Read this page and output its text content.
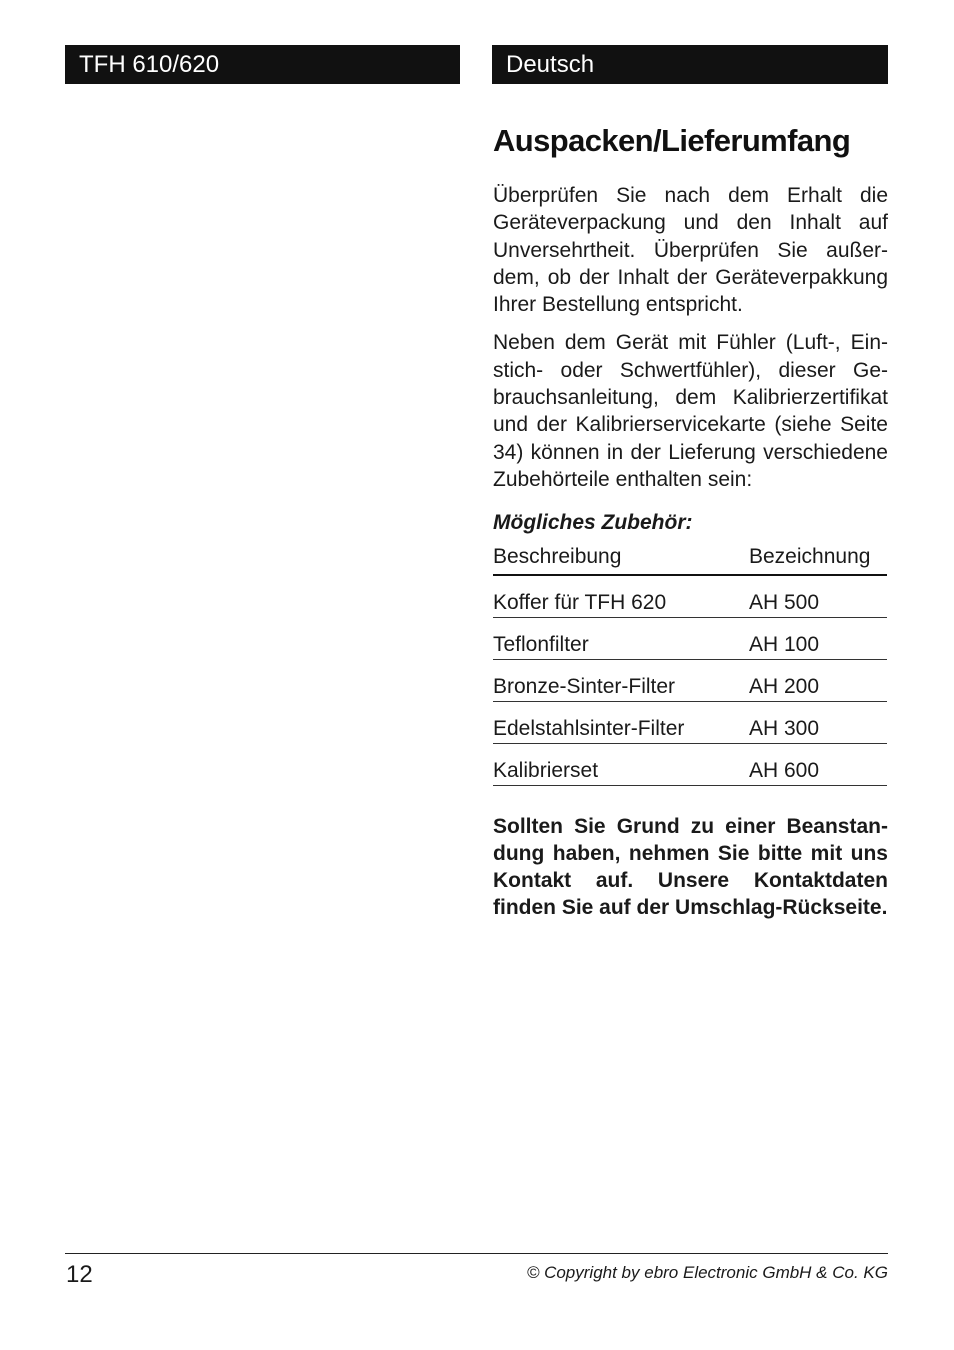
TFH 610/620	Deutsch
Auspacken/Lieferumfang

Überprüfen Sie nach dem Erhalt die Geräteverpackung und den Inhalt auf Unversehrtheit. Überprüfen Sie außerdem, ob der Inhalt der Geräteverpakkung Ihrer Bestellung entspricht.

Neben dem Gerät mit Fühler (Luft-, Einstich- oder Schwertfühler), dieser Gebrauchsanleitung, dem Kalibrierzertifikat und der Kalibrierservicekarte (siehe Seite 34) können in der Lieferung verschiedene Zubehörteile enthalten sein:

Mögliches Zubehör:
Beschreibung	Bezeichnung
Koffer für TFH 620	AH 500
Teflonfilter	AH 100
Bronze-Sinter-Filter	AH 200
Edelstahlsinter-Filter	AH 300
Kalibrierset	AH 600
Sollten Sie Grund zu einer Beanstandung haben, nehmen Sie bitte mit uns Kontakt auf. Unsere Kontaktdaten finden Sie auf der Umschlag-Rückseite.
12	© Copyright by ebro Electronic GmbH & Co. KG
